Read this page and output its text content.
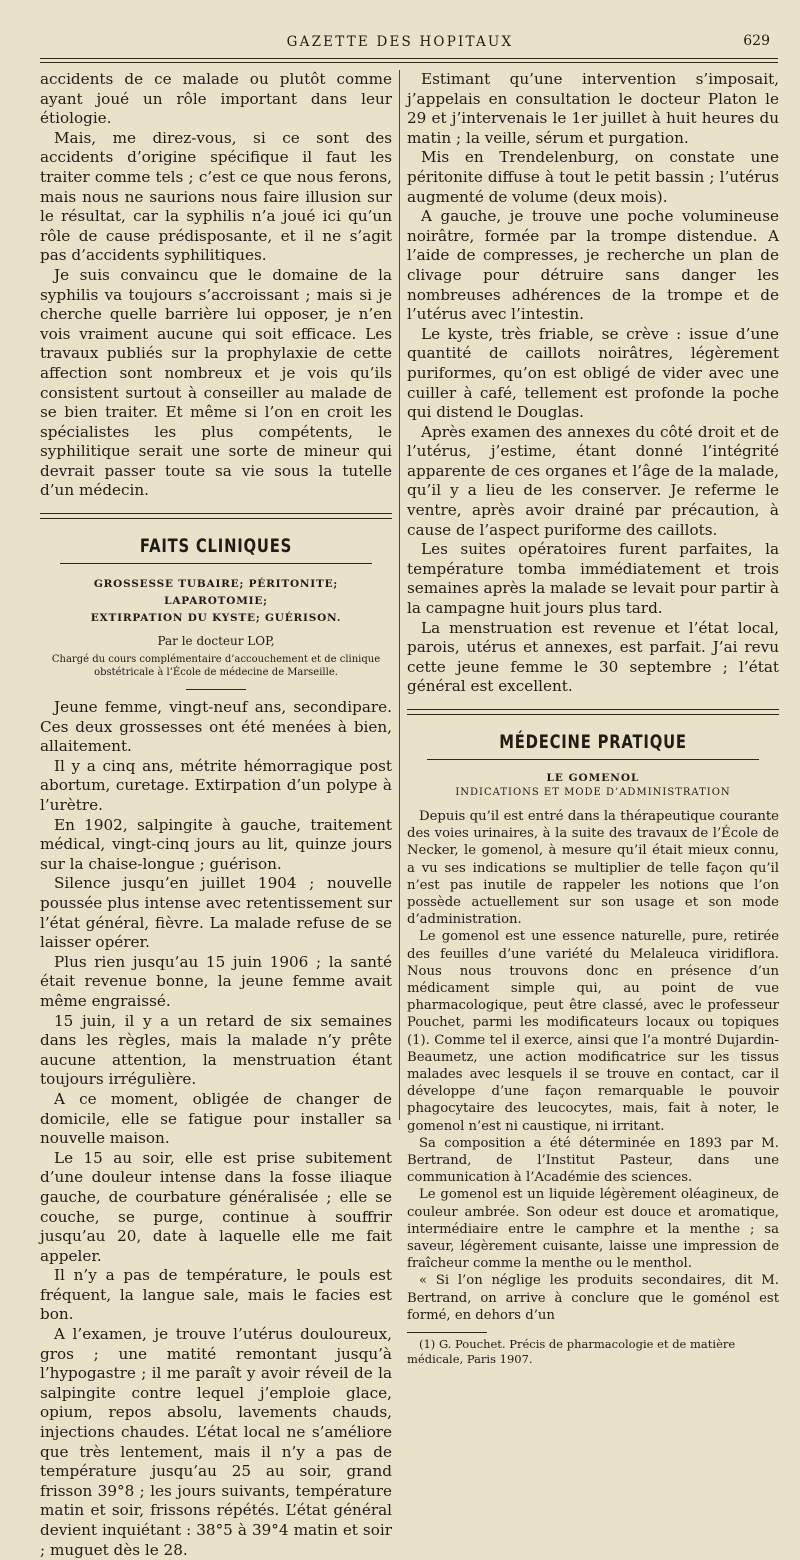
GAZETTE DES HOPITAUX	629

accidents de ce malade ou plutôt comme ayant joué un rôle important dans leur étiologie.

Mais, me direz-vous, si ce sont des accidents d’origine spécifique il faut les traiter comme tels ; c’est ce que nous ferons, mais nous ne saurions nous faire illusion sur le résultat, car la syphilis n’a joué ici qu’un rôle de cause prédisposante, et il ne s’agit pas d’accidents syphilitiques.

Je suis convaincu que le domaine de la syphilis va toujours s’accroissant ; mais si je cherche quelle barrière lui opposer, je n’en vois vraiment aucune qui soit efficace. Les travaux publiés sur la prophylaxie de cette affection sont nombreux et je vois qu’ils consistent surtout à conseiller au malade de se bien traiter. Et même si l’on en croit les spécialistes les plus compétents, le syphilitique serait une sorte de mineur qui devrait passer toute sa vie sous la tutelle d’un médecin.

FAITS CLINIQUES
GROSSESSE TUBAIRE; PÉRITONITE; LAPAROTOMIE;
EXTIRPATION DU KYSTE; GUÉRISON.
Par le docteur LOP,
Chargé du cours complémentaire d’accouchement et de clinique obstétricale à l’École de médecine de Marseille.

Jeune femme, vingt-neuf ans, secondipare. Ces deux grossesses ont été menées à bien, allaitement.

Il y a cinq ans, métrite hémorragique post abortum, curetage. Extirpation d’un polype à l’urètre.

En 1902, salpingite à gauche, traitement médical, vingt-cinq jours au lit, quinze jours sur la chaise-longue ; guérison.

Silence jusqu’en juillet 1904 ; nouvelle poussée plus intense avec retentissement sur l’état général, fièvre. La malade refuse de se laisser opérer.

Plus rien jusqu’au 15 juin 1906 ; la santé était revenue bonne, la jeune femme avait même engraissé.

15 juin, il y a un retard de six semaines dans les règles, mais la malade n’y prête aucune attention, la menstruation étant toujours irrégulière.

A ce moment, obligée de changer de domicile, elle se fatigue pour installer sa nouvelle maison.

Le 15 au soir, elle est prise subitement d’une douleur intense dans la fosse iliaque gauche, de courbature généralisée ; elle se couche, se purge, continue à souffrir jusqu’au 20, date à laquelle elle me fait appeler.

Il n’y a pas de température, le pouls est fréquent, la langue sale, mais le facies est bon.

A l’examen, je trouve l’utérus douloureux, gros ; une matité remontant jusqu’à l’hypogastre ; il me paraît y avoir réveil de la salpingite contre lequel j’emploie glace, opium, repos absolu, lavements chauds, injections chaudes. L’état local ne s’améliore que très lentement, mais il n’y a pas de température jusqu’au 25 au soir, grand frisson 39°8 ; les jours suivants, température matin et soir, frissons répétés. L’état général devient inquiétant : 38°5 à 39°4 matin et soir ; muguet dès le 28.

Estimant qu’une intervention s’imposait, j’appelais en consultation le docteur Platon le 29 et j’intervenais le 1er juillet à huit heures du matin ; la veille, sérum et purgation.

Mis en Trendelenburg, on constate une péritonite diffuse à tout le petit bassin ; l’utérus augmenté de volume (deux mois).

A gauche, je trouve une poche volumineuse noirâtre, formée par la trompe distendue. A l’aide de compresses, je recherche un plan de clivage pour détruire sans danger les nombreuses adhérences de la trompe et de l’utérus avec l’intestin.

Le kyste, très friable, se crève : issue d’une quantité de caillots noirâtres, légèrement puriformes, qu’on est obligé de vider avec une cuiller à café, tellement est profonde la poche qui distend le Douglas.

Après examen des annexes du côté droit et de l’utérus, j’estime, étant donné l’intégrité apparente de ces organes et l’âge de la malade, qu’il y a lieu de les conserver. Je referme le ventre, après avoir drainé par précaution, à cause de l’aspect puriforme des caillots.

Les suites opératoires furent parfaites, la température tomba immédiatement et trois semaines après la malade se levait pour partir à la campagne huit jours plus tard.

La menstruation est revenue et l’état local, parois, utérus et annexes, est parfait. J’ai revu cette jeune femme le 30 septembre ; l’état général est excellent.

MÉDECINE PRATIQUE
LE GOMENOL
INDICATIONS ET MODE D’ADMINISTRATION

Depuis qu’il est entré dans la thérapeutique courante des voies urinaires, à la suite des travaux de l’École de Necker, le gomenol, à mesure qu’il était mieux connu, a vu ses indications se multiplier de telle façon qu’il n’est pas inutile de rappeler les notions que l’on possède actuellement sur son usage et son mode d’administration.

Le gomenol est une essence naturelle, pure, retirée des feuilles d’une variété du Melaleuca viridiflora. Nous nous trouvons donc en présence d’un médicament simple qui, au point de vue pharmacologique, peut être classé, avec le professeur Pouchet, parmi les modificateurs locaux ou topiques (1). Comme tel il exerce, ainsi que l’a montré Dujardin-Beaumetz, une action modificatrice sur les tissus malades avec lesquels il se trouve en contact, car il développe d’une façon remarquable le pouvoir phagocytaire des leucocytes, mais, fait à noter, le gomenol n’est ni caustique, ni irritant.

Sa composition a été déterminée en 1893 par M. Bertrand, de l’Institut Pasteur, dans une communication à l’Académie des sciences.

Le gomenol est un liquide légèrement oléagineux, de couleur ambrée. Son odeur est douce et aromatique, intermédiaire entre le camphre et la menthe ; sa saveur, légèrement cuisante, laisse une impression de fraîcheur comme la menthe ou le menthol.

« Si l’on néglige les produits secondaires, dit M. Bertrand, on arrive à conclure que le goménol est formé, en dehors d’un

(1) G. Pouchet. Précis de pharmacologie et de matière médicale, Paris 1907.
